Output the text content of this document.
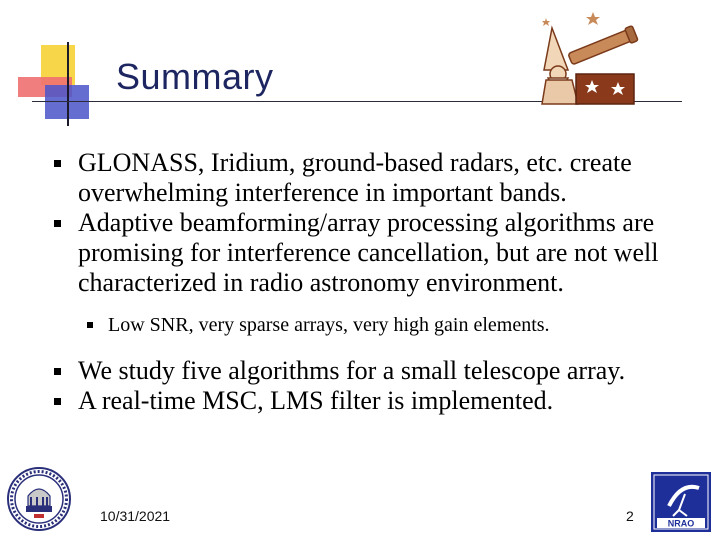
Summary
GLONASS, Iridium, ground-based radars, etc. create overwhelming interference in important bands.
Adaptive beamforming/array processing algorithms are promising for interference cancellation, but are not well characterized in radio astronomy environment.
Low SNR, very sparse arrays, very high gain elements.
We study five algorithms for a small telescope array.
A real-time MSC, LMS filter is implemented.
10/31/2021	2	NRAO
